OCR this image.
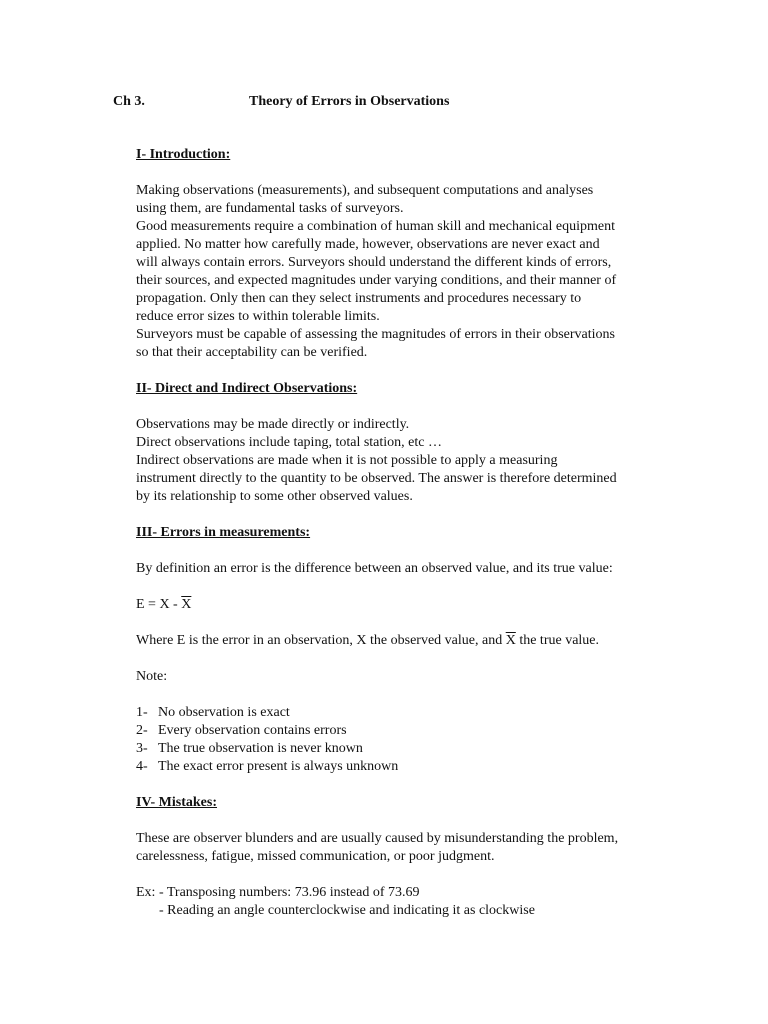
Ch 3.	Theory of Errors in Observations
I- Introduction:

Making observations (measurements), and subsequent computations and analyses

using them, are fundamental tasks of surveyors.

Good measurements require a combination of human skill and mechanical equipment

applied. No matter how carefully made, however, observations are never exact and

will always contain errors. Surveyors should understand the different kinds of errors,

their sources, and expected magnitudes under varying conditions, and their manner of

propagation. Only then can they select instruments and procedures necessary to

reduce error sizes to within tolerable limits.

Surveyors must be capable of assessing the magnitudes of errors in their observations

so that their acceptability can be verified.

II- Direct and Indirect Observations:

Observations may be made directly or indirectly.

Direct observations include taping, total station, etc …

Indirect observations are made when it is not possible to apply a measuring

instrument directly to the quantity to be observed. The answer is therefore determined

by its relationship to some other observed values.

III- Errors in measurements:

By definition an error is the difference between an observed value, and its true value:

$E = X - \overline{X}$

Where E is the error in an observation, X the observed value, and $\overline{X}$ the true value.

Note:

1- No observation is exact
2- Every observation contains errors
3- The true observation is never known
4- The exact error present is always unknown
IV- Mistakes:

These are observer blunders and are usually caused by misunderstanding the problem,

carelessness, fatigue, missed communication, or poor judgment.

Ex:
- Transposing numbers: 73.96 instead of 73.69
- Reading an angle counterclockwise and indicating it as clockwise
